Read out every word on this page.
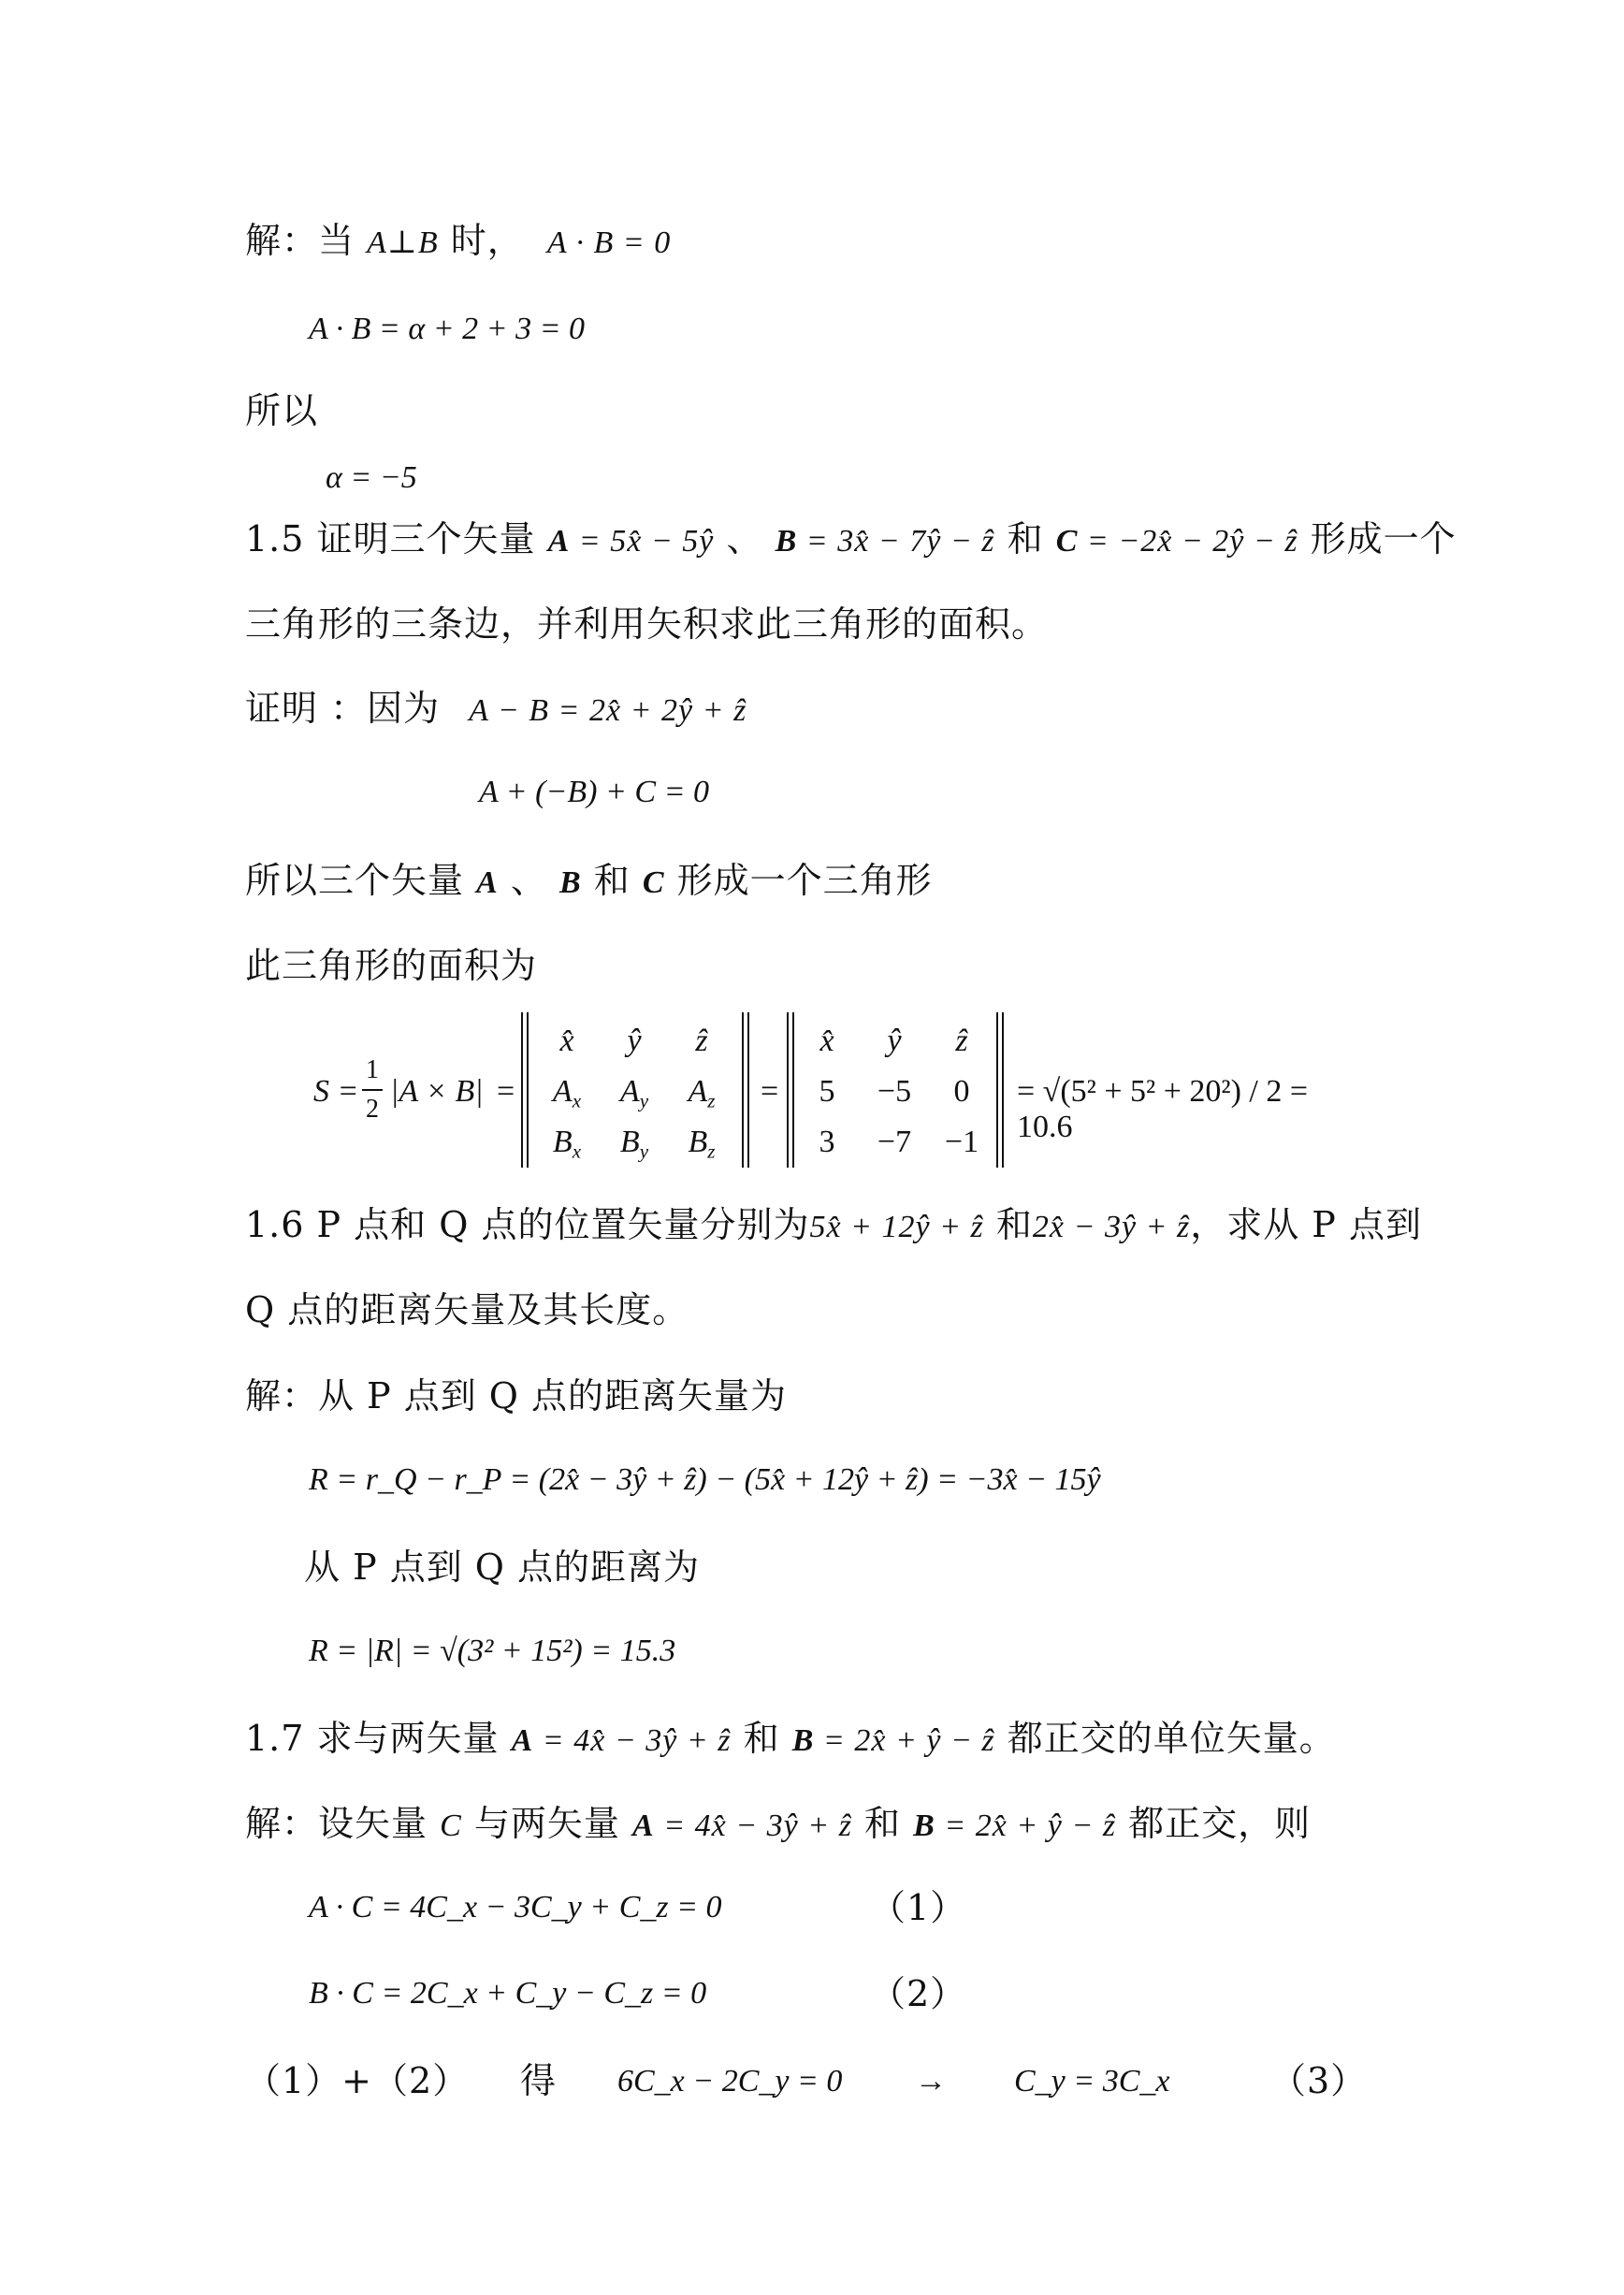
解：当 A⊥B 时， A · B = 0
A · B = α + 2 + 3 = 0
所以
α = −5
1.5 证明三个矢量 A = 5x̂ − 5ŷ 、 B = 3x̂ − 7ŷ − ẑ 和 C = −2x̂ − 2ŷ − ẑ 形成一个
三角形的三条边，并利用矢积求此三角形的面积。
证明 ：因为 A − B = 2x̂ + 2ŷ + ẑ
A + (−B) + C = 0
所以三个矢量 A 、 B 和 C 形成一个三角形
此三角形的面积为
S =
1
2
|A × B| =
x̂	ŷ	ẑ
$A_x$	$A_y$	$A_z$
$B_x$	$B_y$	$B_z$
=
x̂	ŷ	ẑ
5	−5	0
3	−7	−1
= √(5² + 5² + 20²) / 2 = 10.6
1.6 P 点和 Q 点的位置矢量分别为5x̂ + 12ŷ + ẑ 和2x̂ − 3ŷ + ẑ，求从 P 点到
Q 点的距离矢量及其长度。
解：从 P 点到 Q 点的距离矢量为
R = r_Q − r_P = (2x̂ − 3ŷ + ẑ) − (5x̂ + 12ŷ + ẑ) = −3x̂ − 15ŷ
从 P 点到 Q 点的距离为
R = |R| = √(3² + 15²) = 15.3
1.7 求与两矢量 A = 4x̂ − 3ŷ + ẑ 和 B = 2x̂ + ŷ − ẑ 都正交的单位矢量。
解：设矢量 C 与两矢量 A = 4x̂ − 3ŷ + ẑ 和 B = 2x̂ + ŷ − ẑ 都正交，则
A · C = 4C_x − 3C_y + C_z = 0	（1）
B · C = 2C_x + C_y − C_z = 0	（2）
（1）+（2） 得 6C_x − 2C_y = 0 → C_y = 3C_x	（3）
